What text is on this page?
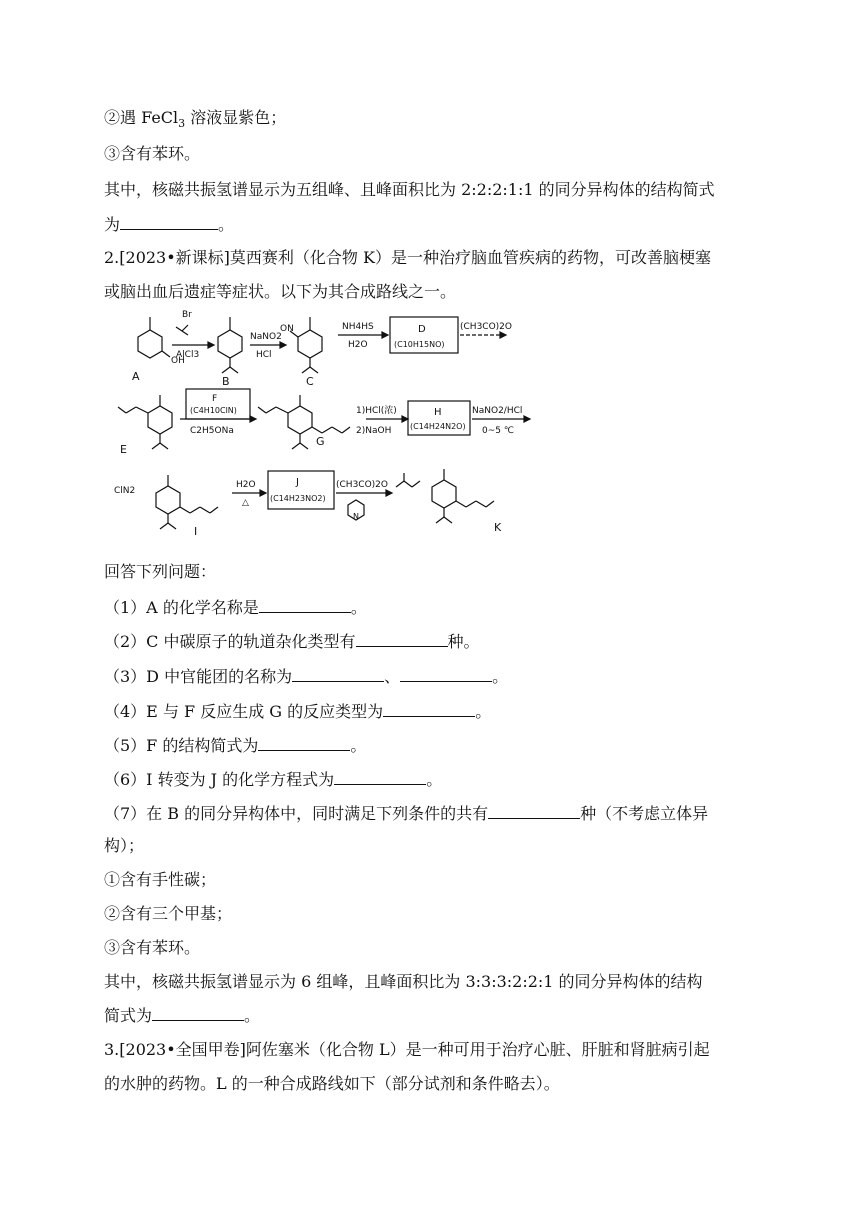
②遇 FeCl$_3$ 溶液显紫色；
③含有苯环。
其中，核磁共振氢谱显示为五组峰、且峰面积比为 2:2:2:1:1 的同分异构体的结构简式
为	。
2.[2023•新课标]莫西赛利（化合物 K）是一种治疗脑血管疾病的药物，可改善脑梗塞
或脑出血后遗症等症状。以下为其合成路线之一。
A
OH
Br
AlCl3
B
NaNO2
HCl
ON
C
NH4HS
H2O
D
(C10H15NO)
(CH3CO)2O
E
F
(C4H10ClN)
C2H5ONa
G
1)HCl(浓)
2)NaOH
H
(C14H24N2O)
NaNO2/HCl
0~5 ℃
ClN2
I
H2O
△
J
(C14H23NO2)
(CH3CO)2O
N
K
回答下列问题：
（1）A 的化学名称是	。
（2）C 中碳原子的轨道杂化类型有	种。
（3）D 中官能团的名称为	、	。
（4）E 与 F 反应生成 G 的反应类型为	。
（5）F 的结构简式为	。
（6）I 转变为 J 的化学方程式为	。
（7）在 B 的同分异构体中，同时满足下列条件的共有	种（不考虑立体异
构）；
①含有手性碳；
②含有三个甲基；
③含有苯环。
其中，核磁共振氢谱显示为 6 组峰，且峰面积比为 3:3:3:2:2:1 的同分异构体的结构
简式为	。
3.[2023•全国甲卷]阿佐塞米（化合物 L）是一种可用于治疗心脏、肝脏和肾脏病引起
的水肿的药物。L 的一种合成路线如下（部分试剂和条件略去）。
